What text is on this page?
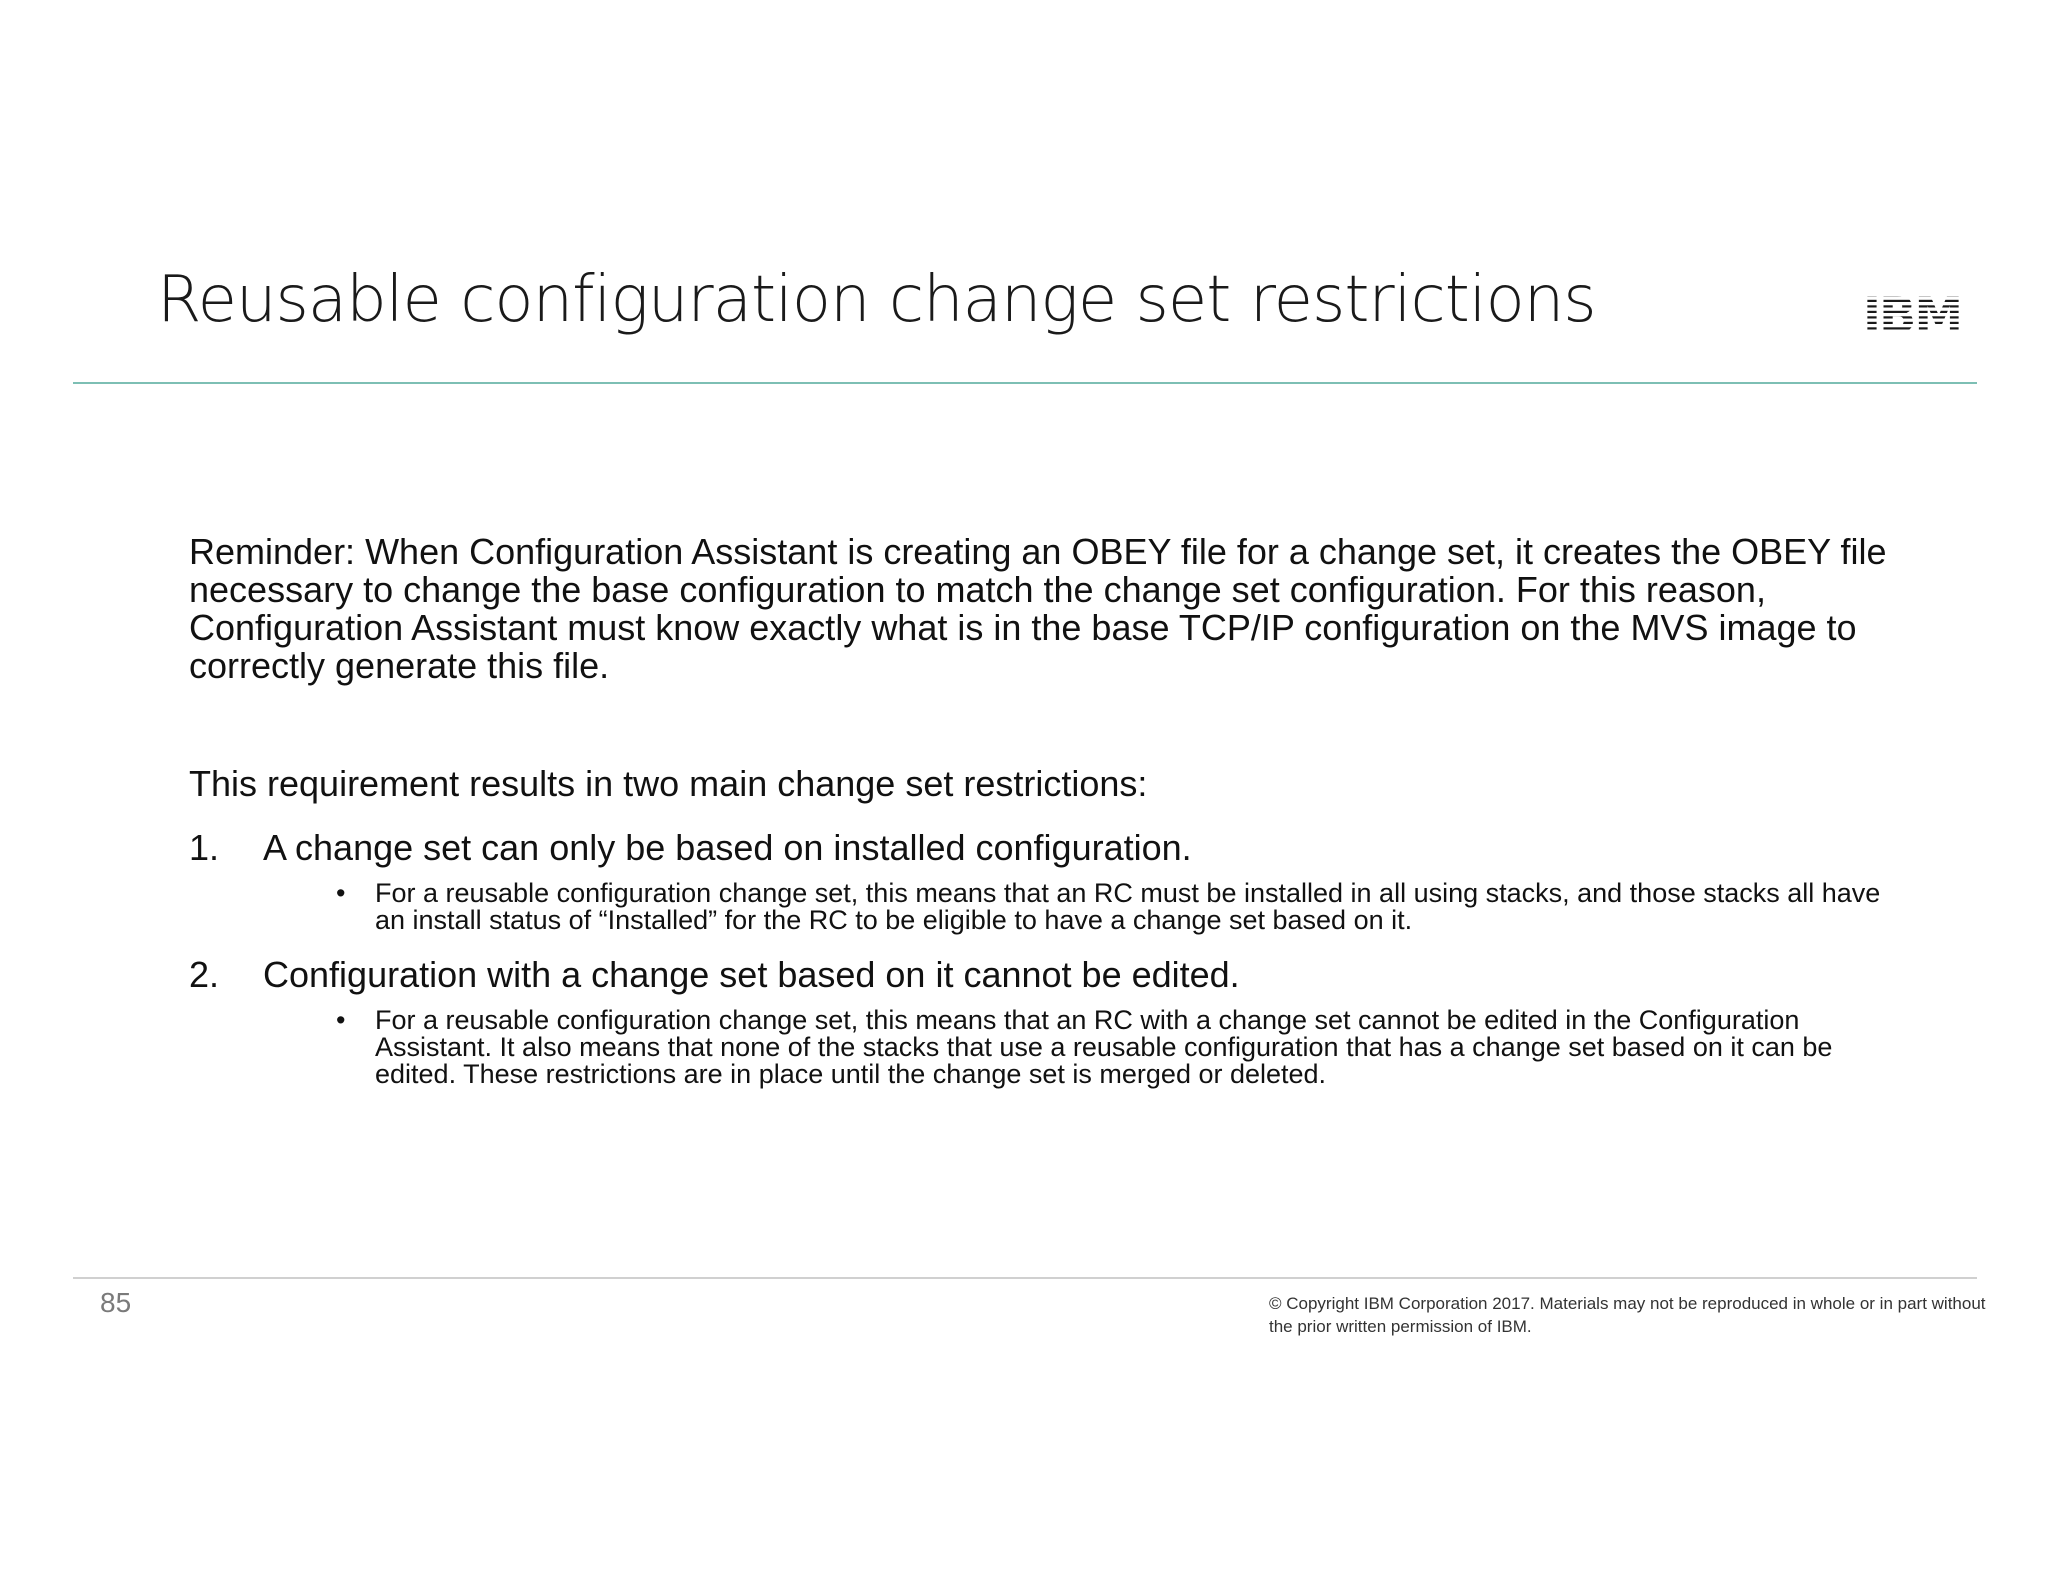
Reusable configuration change set restrictions

Reminder: When Configuration Assistant is creating an OBEY file for a change set, it creates the OBEY file necessary to change the base configuration to match the change set configuration. For this reason, Configuration Assistant must know exactly what is in the base TCP/IP configuration on the MVS image to correctly generate this file.

This requirement results in two main change set restrictions:

1. A change set can only be based on installed configuration.
• For a reusable configuration change set, this means that an RC must be installed in all using stacks, and those stacks all have an install status of “Installed” for the RC to be eligible to have a change set based on it.
2. Configuration with a change set based on it cannot be edited.
• For a reusable configuration change set, this means that an RC with a change set cannot be edited in the Configuration Assistant. It also means that none of the stacks that use a reusable configuration that has a change set based on it can be edited. These restrictions are in place until the change set is merged or deleted.
85	© Copyright IBM Corporation 2017. Materials may not be reproduced in whole or in part without the prior written permission of IBM.
